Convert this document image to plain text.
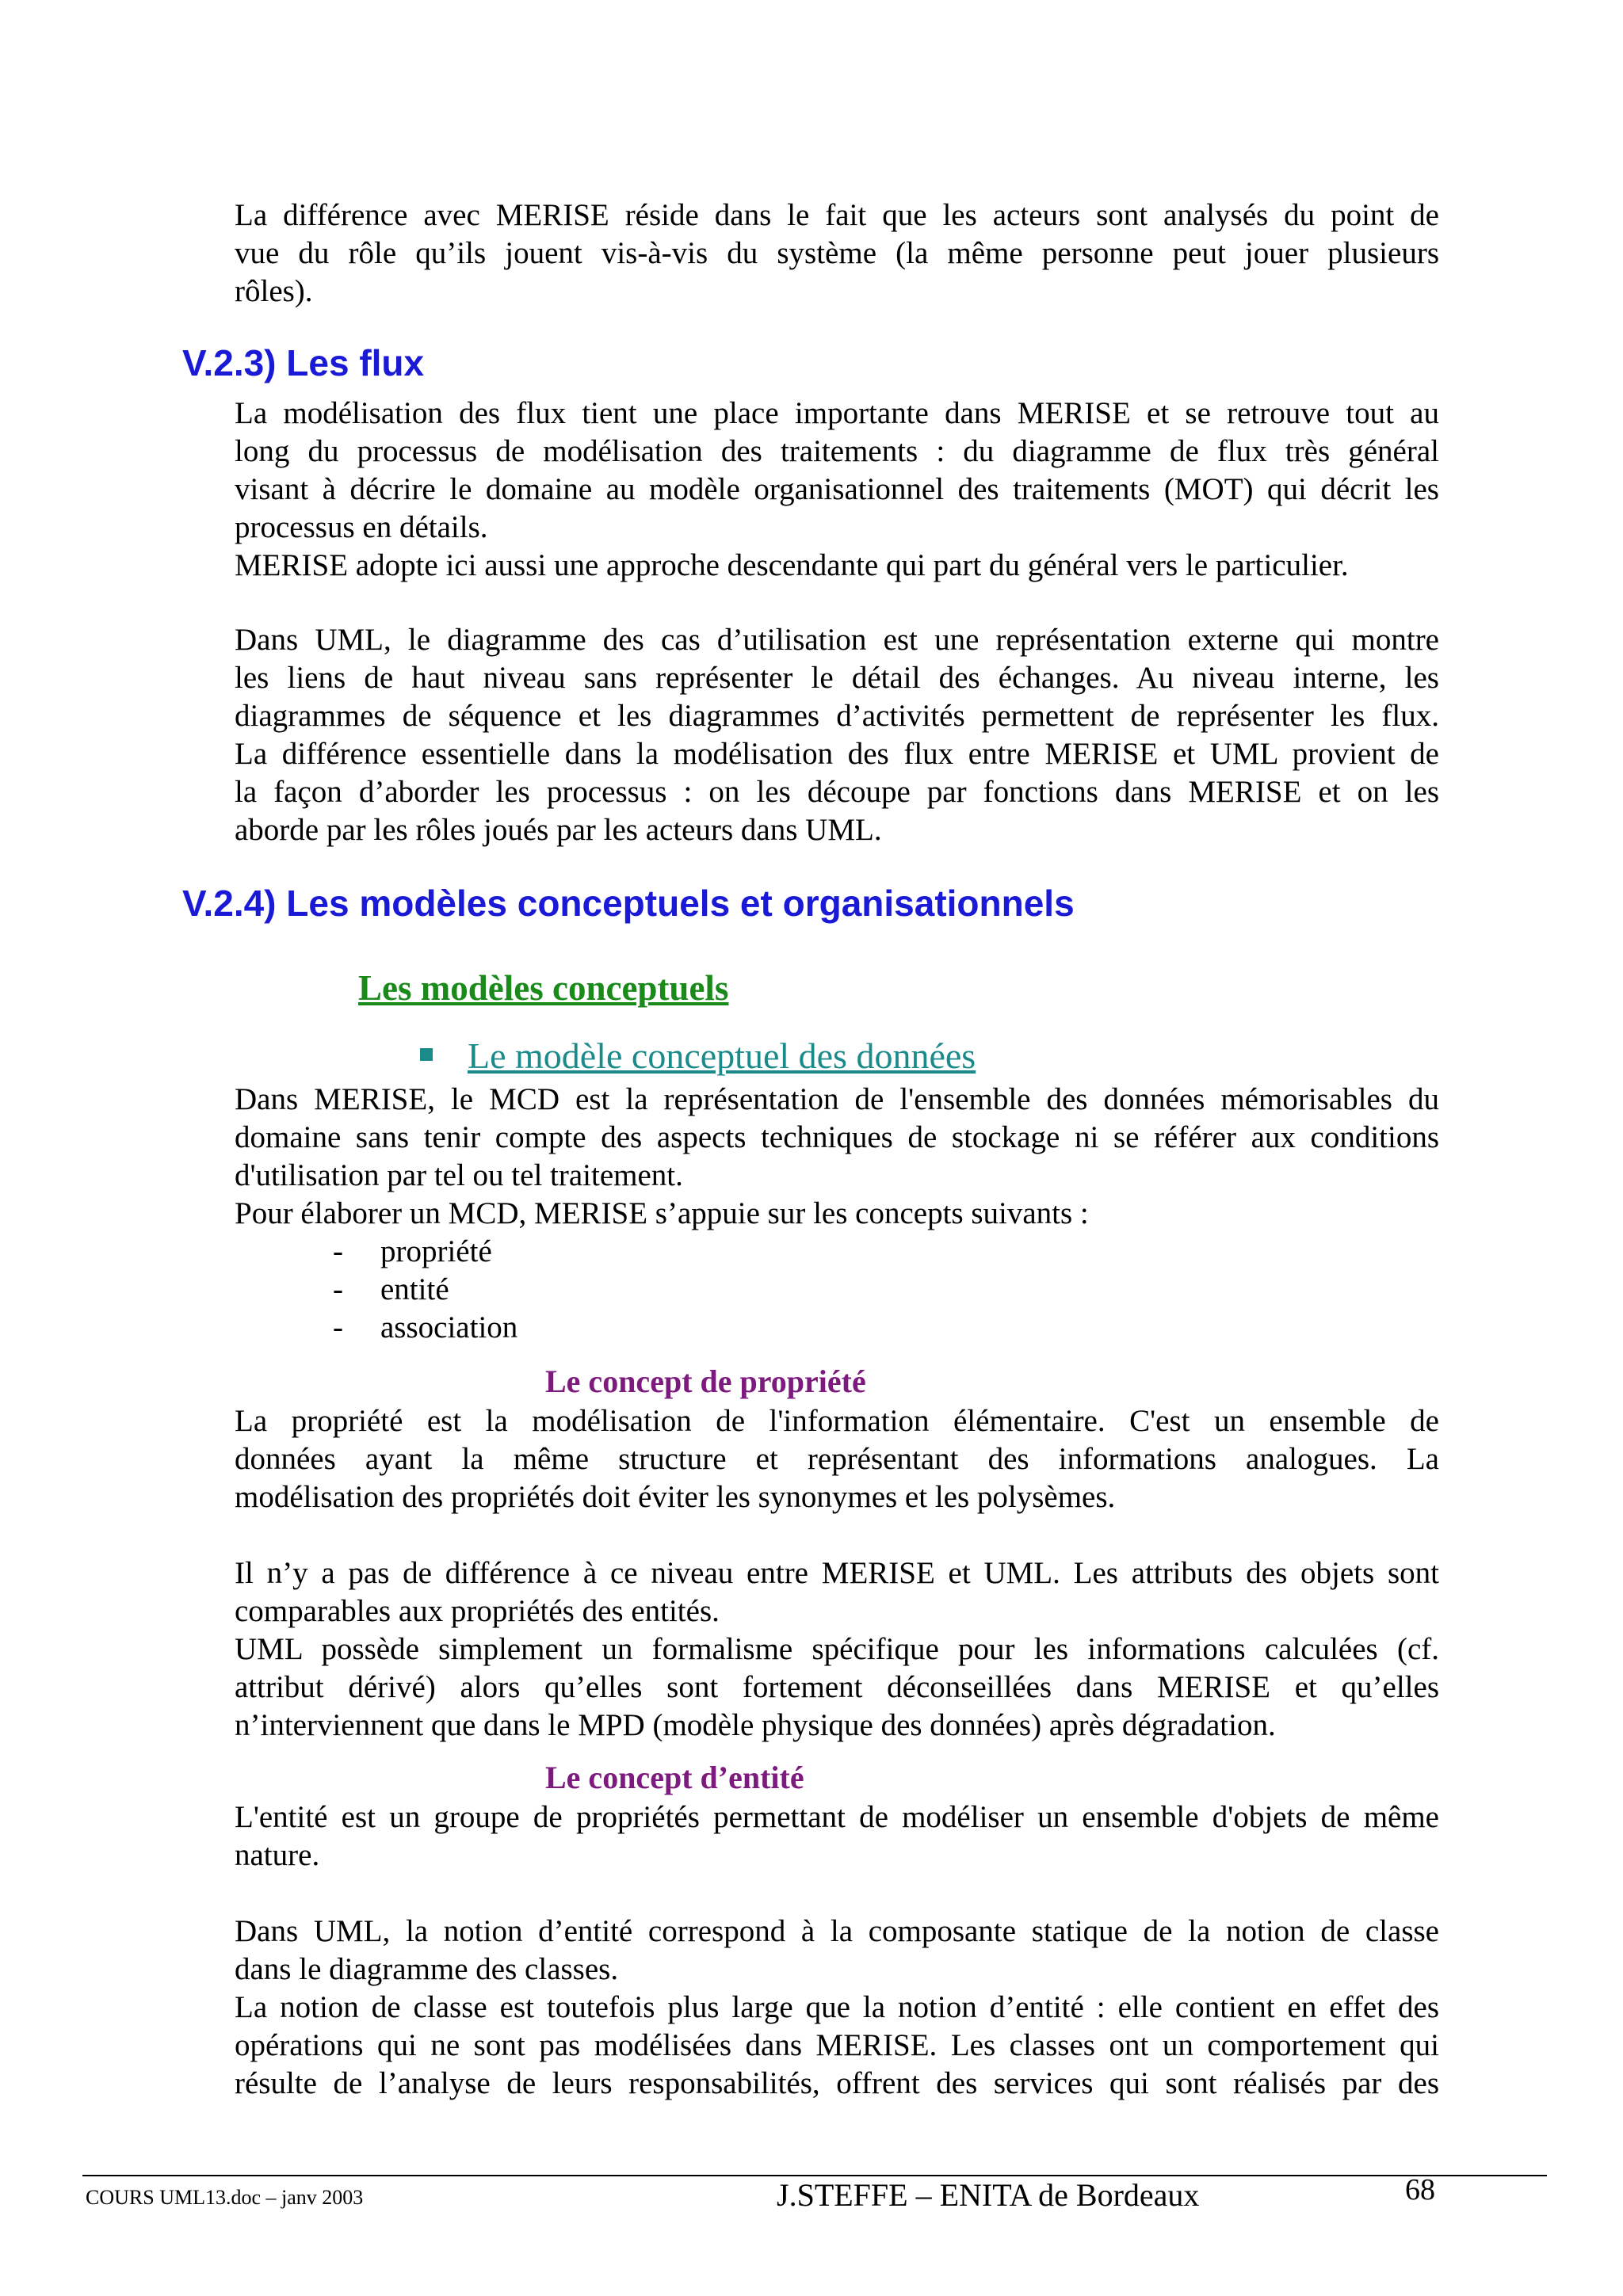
La différence avec MERISE réside dans le fait que les acteurs sont analysés du point de
vue du rôle qu’ils jouent vis-à-vis du système (la même personne peut jouer plusieurs
rôles).
V.2.3) Les flux
La modélisation des flux tient une place importante dans MERISE et se retrouve tout au
long du processus de modélisation des traitements : du diagramme de flux très général
visant à décrire le domaine au modèle organisationnel des traitements (MOT) qui décrit les
processus en détails.
MERISE adopte ici aussi une approche descendante qui part du général vers le particulier.
Dans UML, le diagramme des cas d’utilisation est une représentation externe qui montre
les liens de haut niveau sans représenter le détail des échanges. Au niveau interne, les
diagrammes de séquence et les diagrammes d’activités permettent de représenter les flux.
La différence essentielle dans la modélisation des flux entre MERISE et UML provient de
la façon d’aborder les processus : on les découpe par fonctions dans MERISE et on les
aborde par les rôles joués par les acteurs dans UML.
V.2.4) Les modèles conceptuels et organisationnels
Les modèles conceptuels
Le modèle conceptuel des données
Dans MERISE, le MCD est la représentation de l'ensemble des données mémorisables du
domaine sans tenir compte des aspects techniques de stockage ni se référer aux conditions
d'utilisation par tel ou tel traitement.
Pour élaborer un MCD, MERISE s’appuie sur les concepts suivants :
- propriété
- entité
- association
Le concept de propriété
La propriété est la modélisation de l'information élémentaire. C'est un ensemble de
données ayant la même structure et représentant des informations analogues. La
modélisation des propriétés doit éviter les synonymes et les polysèmes.
Il n’y a pas de différence à ce niveau entre MERISE et UML. Les attributs des objets sont
comparables aux propriétés des entités.
UML possède simplement un formalisme spécifique pour les informations calculées (cf.
attribut dérivé) alors qu’elles sont fortement déconseillées dans MERISE et qu’elles
n’interviennent que dans le MPD (modèle physique des données) après dégradation.
Le concept d’entité
L'entité est un groupe de propriétés permettant de modéliser un ensemble d'objets de même
nature.
Dans UML, la notion d’entité correspond à la composante statique de la notion de classe
dans le diagramme des classes.
La notion de classe est toutefois plus large que la notion d’entité : elle contient en effet des
opérations qui ne sont pas modélisées dans MERISE. Les classes ont un comportement qui
résulte de l’analyse de leurs responsabilités, offrent des services qui sont réalisés par des
COURS UML13.doc – janv 2003	J.STEFFE – ENITA de Bordeaux	68
